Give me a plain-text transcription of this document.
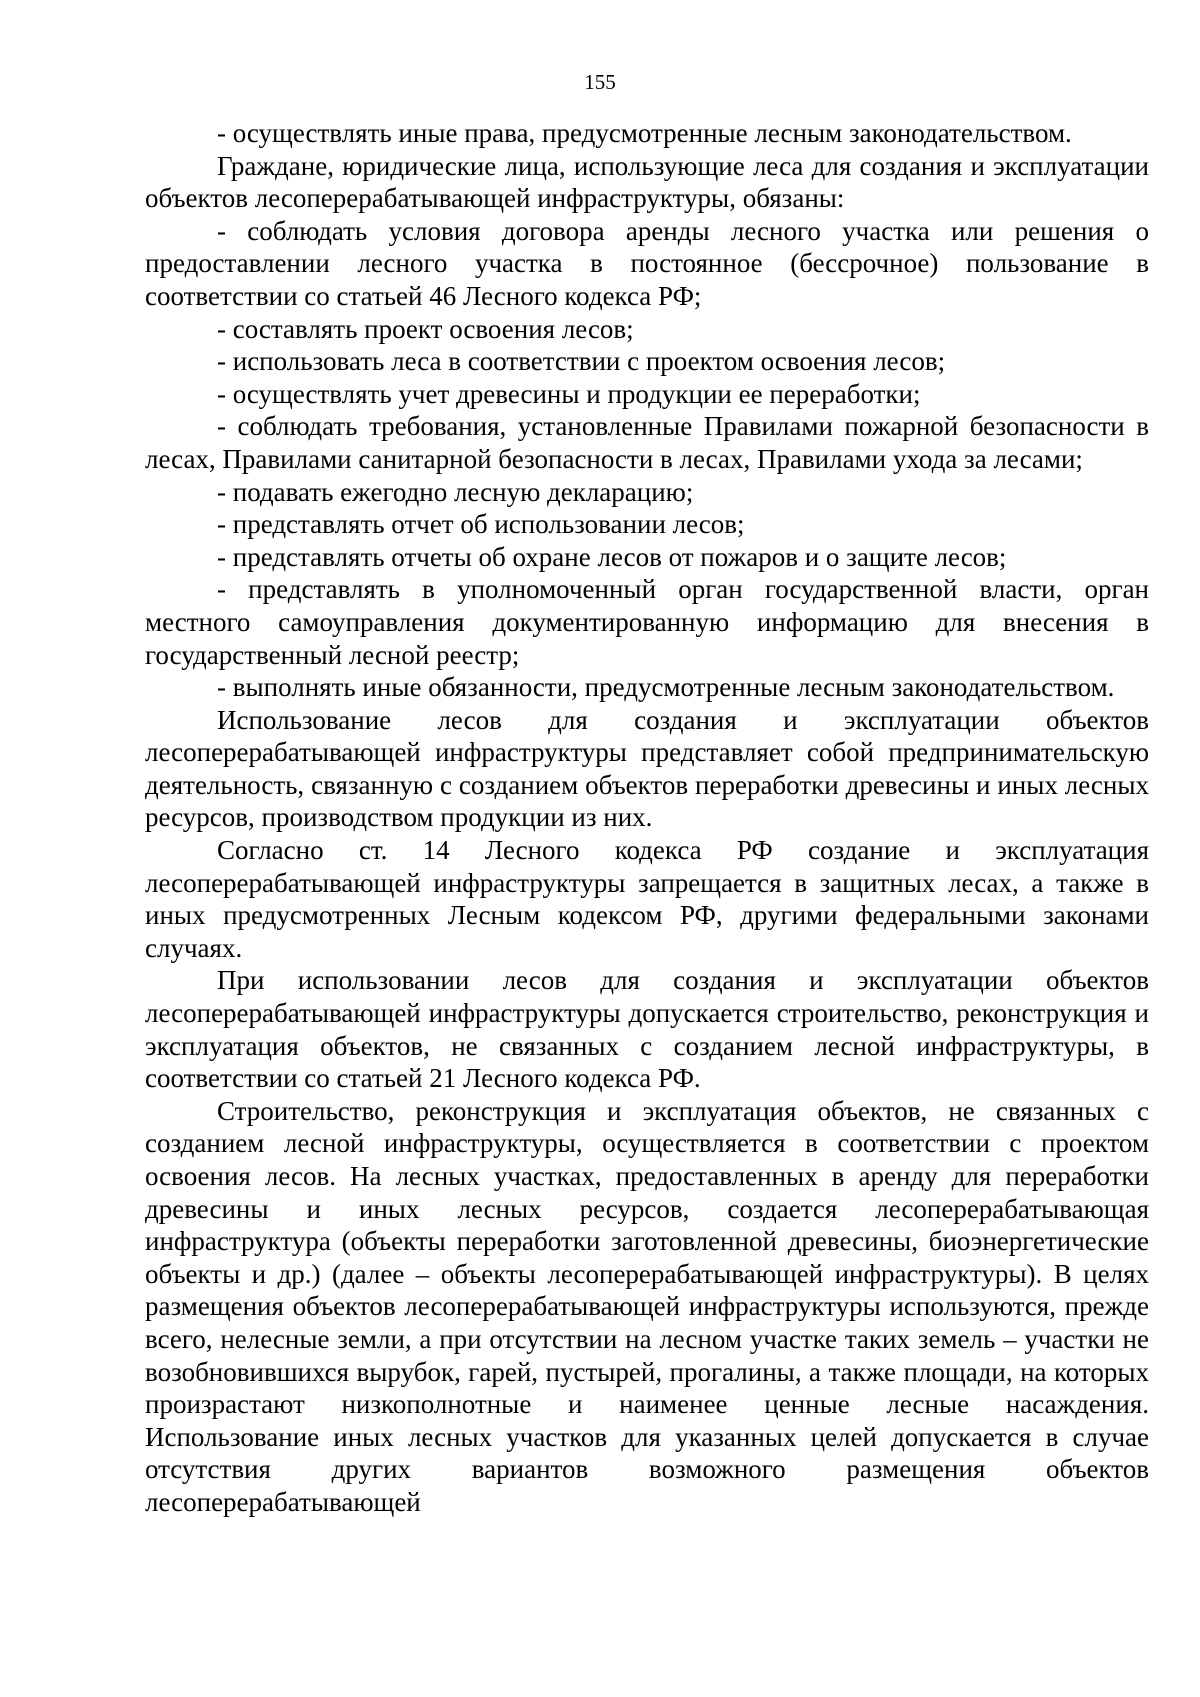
155

- осуществлять иные права, предусмотренные лесным законодательством.

Граждане, юридические лица, использующие леса для создания и эксплуатации объектов лесоперерабатывающей инфраструктуры, обязаны:

- соблюдать условия договора аренды лесного участка или решения о предоставлении лесного участка в постоянное (бессрочное) пользование в соответствии со статьей 46 Лесного кодекса РФ;

- составлять проект освоения лесов;

- использовать леса в соответствии с проектом освоения лесов;

- осуществлять учет древесины и продукции ее переработки;

- соблюдать требования, установленные Правилами пожарной безопасности в лесах, Правилами санитарной безопасности в лесах, Правилами ухода за лесами;

- подавать ежегодно лесную декларацию;

- представлять отчет об использовании лесов;

- представлять отчеты об охране лесов от пожаров и о защите лесов;

- представлять в уполномоченный орган государственной власти, орган местного самоуправления документированную информацию для внесения в государственный лесной реестр;

- выполнять иные обязанности, предусмотренные лесным законодательством.

Использование лесов для создания и эксплуатации объектов лесоперерабатывающей инфраструктуры представляет собой предпринимательскую деятельность, связанную с созданием объектов переработки древесины и иных лесных ресурсов, производством продукции из них.

Согласно ст. 14 Лесного кодекса РФ создание и эксплуатация лесоперерабатывающей инфраструктуры запрещается в защитных лесах, а также в иных предусмотренных Лесным кодексом РФ, другими федеральными законами случаях.

При использовании лесов для создания и эксплуатации объектов лесоперерабатывающей инфраструктуры допускается строительство, реконструкция и эксплуатация объектов, не связанных с созданием лесной инфраструктуры, в соответствии со статьей 21 Лесного кодекса РФ.

Строительство, реконструкция и эксплуатация объектов, не связанных с созданием лесной инфраструктуры, осуществляется в соответствии с проектом освоения лесов. На лесных участках, предоставленных в аренду для переработки древесины и иных лесных ресурсов, создается лесоперерабатывающая инфраструктура (объекты переработки заготовленной древесины, биоэнергетические объекты и др.) (далее – объекты лесоперерабатывающей инфраструктуры). В целях размещения объектов лесоперерабатывающей инфраструктуры используются, прежде всего, нелесные земли, а при отсутствии на лесном участке таких земель – участки не возобновившихся вырубок, гарей, пустырей, прогалины, а также площади, на которых произрастают низкополнотные и наименее ценные лесные насаждения. Использование иных лесных участков для указанных целей допускается в случае отсутствия других вариантов возможного размещения объектов лесоперерабатывающей
